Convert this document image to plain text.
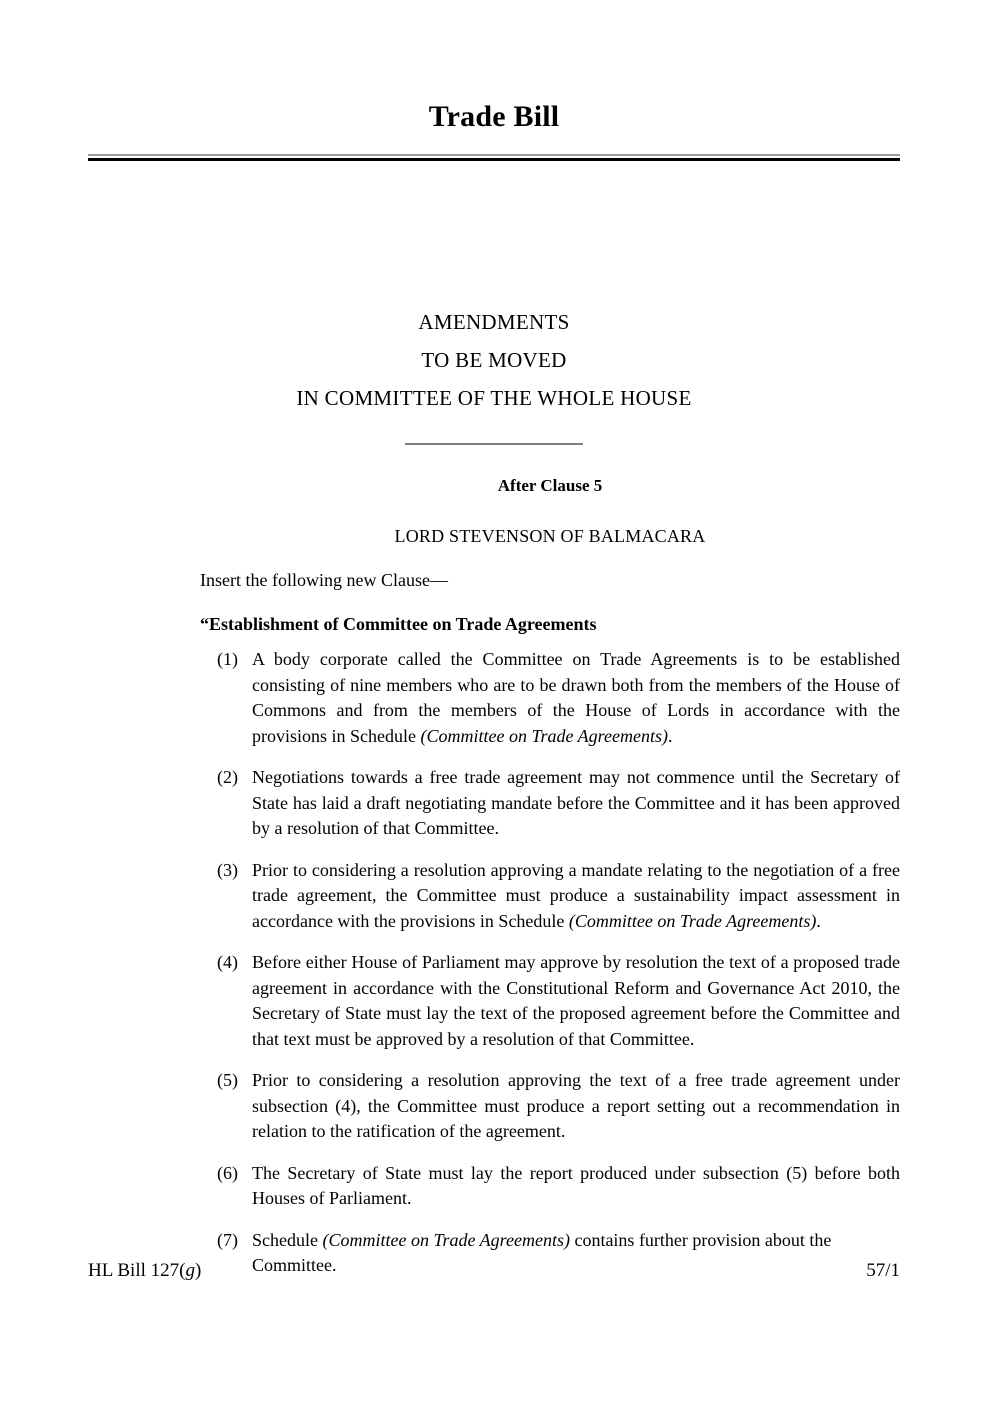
Trade Bill
AMENDMENTS
TO BE MOVED
IN COMMITTEE OF THE WHOLE HOUSE
After Clause 5
LORD STEVENSON OF BALMACARA
Insert the following new Clause—
“Establishment of Committee on Trade Agreements
(1) A body corporate called the Committee on Trade Agreements is to be established consisting of nine members who are to be drawn both from the members of the House of Commons and from the members of the House of Lords in accordance with the provisions in Schedule (Committee on Trade Agreements).
(2) Negotiations towards a free trade agreement may not commence until the Secretary of State has laid a draft negotiating mandate before the Committee and it has been approved by a resolution of that Committee.
(3) Prior to considering a resolution approving a mandate relating to the negotiation of a free trade agreement, the Committee must produce a sustainability impact assessment in accordance with the provisions in Schedule (Committee on Trade Agreements).
(4) Before either House of Parliament may approve by resolution the text of a proposed trade agreement in accordance with the Constitutional Reform and Governance Act 2010, the Secretary of State must lay the text of the proposed agreement before the Committee and that text must be approved by a resolution of that Committee.
(5) Prior to considering a resolution approving the text of a free trade agreement under subsection (4), the Committee must produce a report setting out a recommendation in relation to the ratification of the agreement.
(6) The Secretary of State must lay the report produced under subsection (5) before both Houses of Parliament.
(7) Schedule (Committee on Trade Agreements) contains further provision about the Committee.
HL Bill 127(g)	57/1
